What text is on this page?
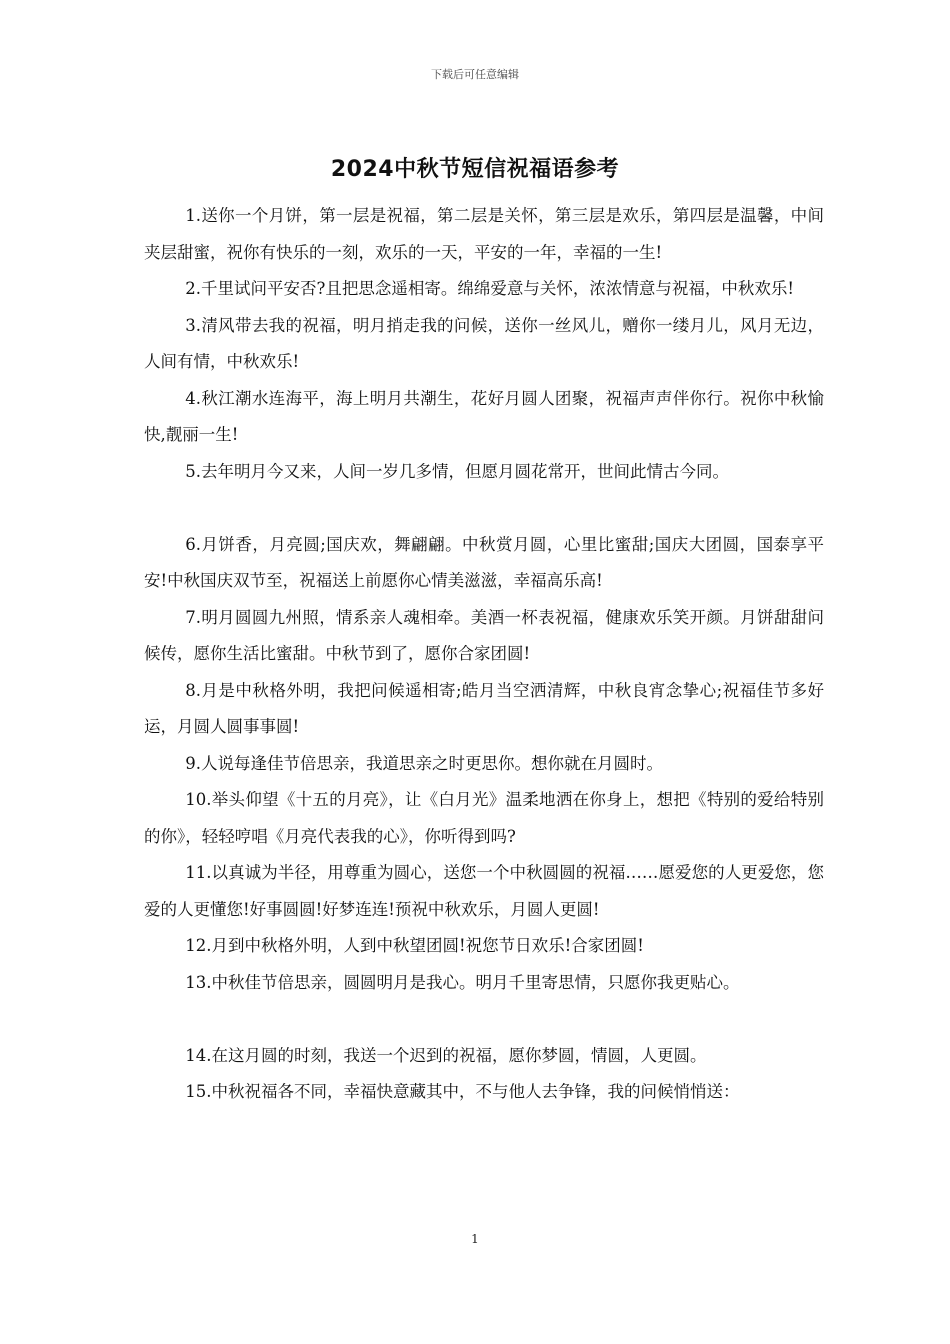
下载后可任意编辑
2024中秋节短信祝福语参考

1.送你一个月饼，第一层是祝福，第二层是关怀，第三层是欢乐，第四层是温馨，中间夹层甜蜜，祝你有快乐的一刻，欢乐的一天，平安的一年，幸福的一生!

2.千里试问平安否?且把思念遥相寄。绵绵爱意与关怀，浓浓情意与祝福，中秋欢乐!

3.清风带去我的祝福，明月捎走我的问候，送你一丝风儿，赠你一缕月儿，风月无边，人间有情，中秋欢乐!

4.秋江潮水连海平，海上明月共潮生，花好月圆人团聚，祝福声声伴你行。祝你中秋愉快,靓丽一生!

5.去年明月今又来，人间一岁几多情，但愿月圆花常开，世间此情古今同。

6.月饼香，月亮圆;国庆欢，舞翩翩。中秋赏月圆，心里比蜜甜;国庆大团圆，国泰享平安!中秋国庆双节至，祝福送上前愿你心情美滋滋，幸福高乐高!

7.明月圆圆九州照，情系亲人魂相牵。美酒一杯表祝福，健康欢乐笑开颜。月饼甜甜问候传，愿你生活比蜜甜。中秋节到了，愿你合家团圆!

8.月是中秋格外明，我把问候遥相寄;皓月当空洒清辉，中秋良宵念挚心;祝福佳节多好运，月圆人圆事事圆!

9.人说每逢佳节倍思亲，我道思亲之时更思你。想你就在月圆时。

10.举头仰望《十五的月亮》，让《白月光》温柔地洒在你身上，想把《特别的爱给特别的你》，轻轻哼唱《月亮代表我的心》，你听得到吗?

11.以真诚为半径，用尊重为圆心，送您一个中秋圆圆的祝福……愿爱您的人更爱您，您爱的人更懂您!好事圆圆!好梦连连!预祝中秋欢乐，月圆人更圆!

12.月到中秋格外明，人到中秋望团圆!祝您节日欢乐!合家团圆!

13.中秋佳节倍思亲，圆圆明月是我心。明月千里寄思情，只愿你我更贴心。

14.在这月圆的时刻，我送一个迟到的祝福，愿你梦圆，情圆，人更圆。

15.中秋祝福各不同，幸福快意藏其中，不与他人去争锋，我的问候悄悄送：

1
